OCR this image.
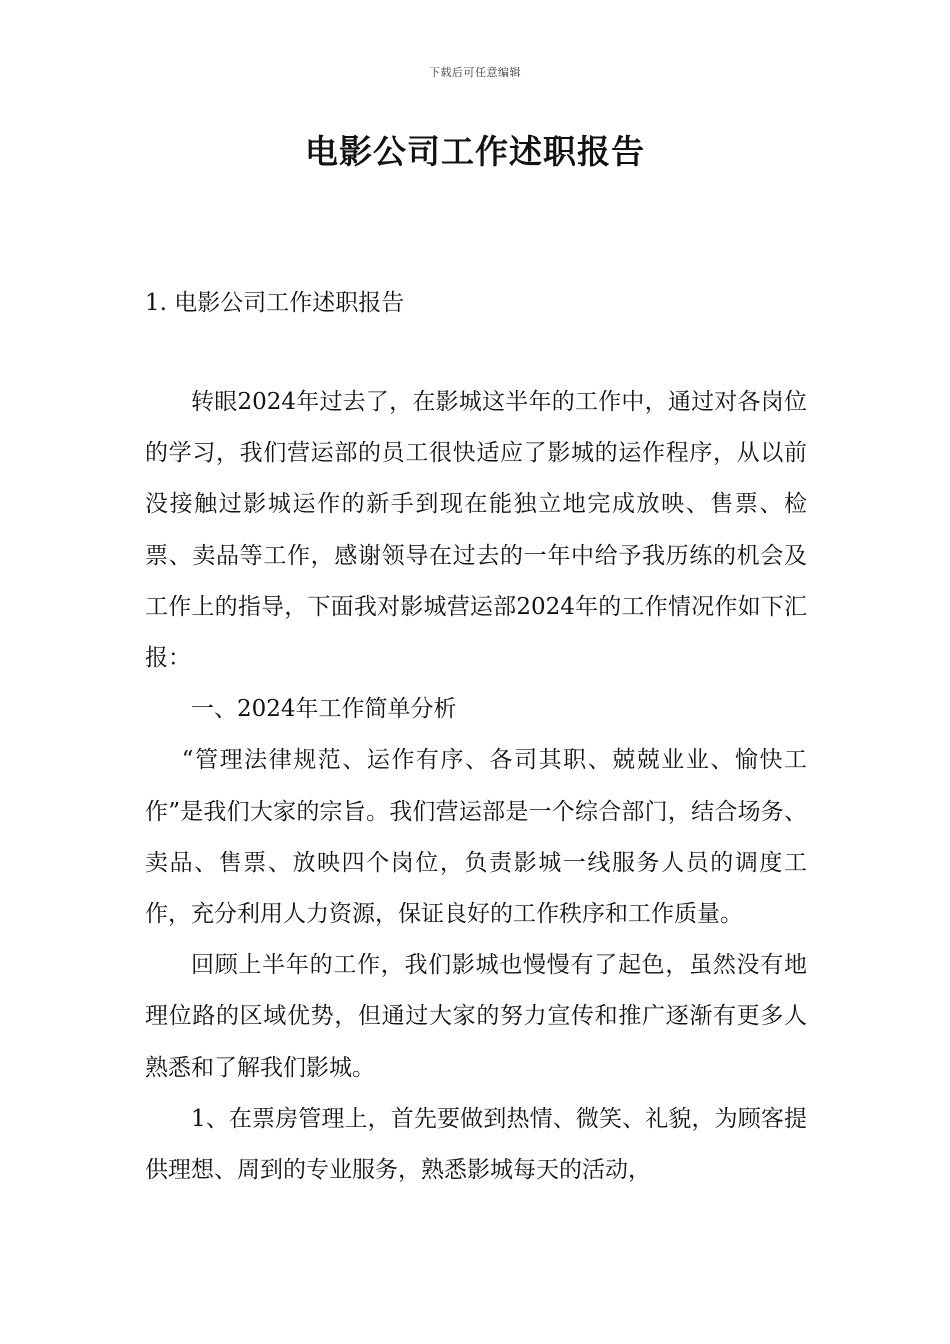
下载后可任意编辑
电影公司工作述职报告
1. 电影公司工作述职报告

转眼2024年过去了，在影城这半年的工作中，通过对各岗位的学习，我们营运部的员工很快适应了影城的运作程序，从以前没接触过影城运作的新手到现在能独立地完成放映、售票、检票、卖品等工作，感谢领导在过去的一年中给予我历练的机会及工作上的指导，下面我对影城营运部2024年的工作情况作如下汇报：

一、2024年工作简单分析

“管理法律规范、运作有序、各司其职、兢兢业业、愉快工作”是我们大家的宗旨。我们营运部是一个综合部门，结合场务、卖品、售票、放映四个岗位，负责影城一线服务人员的调度工作，充分利用人力资源，保证良好的工作秩序和工作质量。

回顾上半年的工作，我们影城也慢慢有了起色，虽然没有地理位路的区域优势，但通过大家的努力宣传和推广逐渐有更多人熟悉和了解我们影城。

1、在票房管理上，首先要做到热情、微笑、礼貌，为顾客提供理想、周到的专业服务，熟悉影城每天的活动，
